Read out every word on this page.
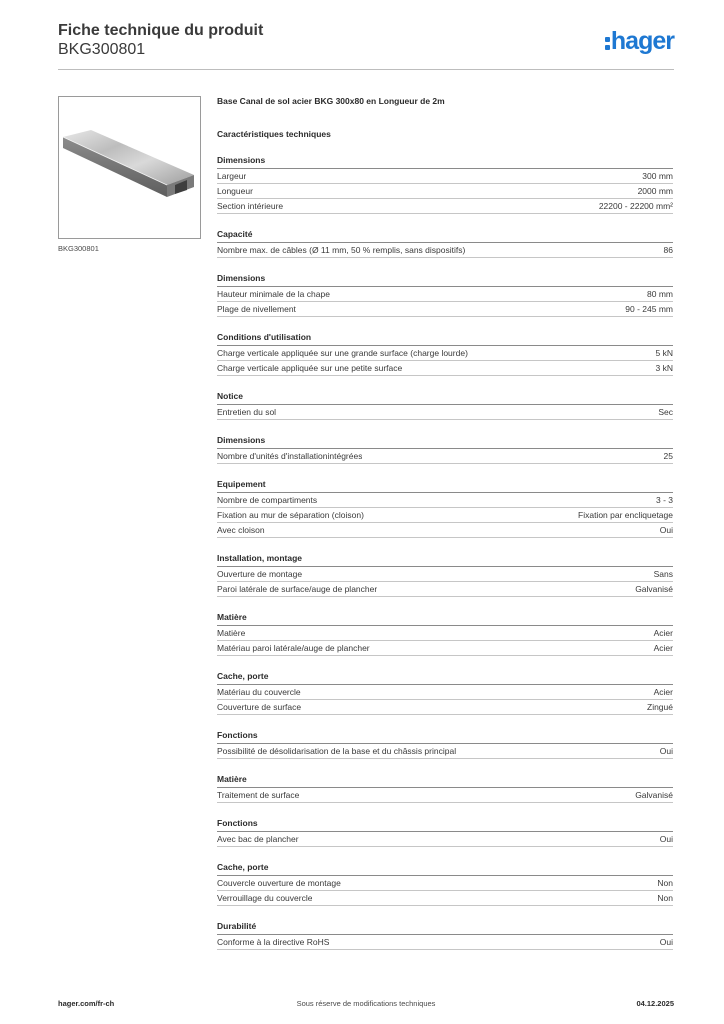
Fiche technique du produit
BKG300801	hager
BKG300801
Base Canal de sol acier BKG 300x80 en Longueur de 2m
Caractéristiques techniques
Dimensions
Largeur	300 mm
Longueur	2000 mm
Section intérieure	22200 - 22200 mm²
Capacité
Nombre max. de câbles (Ø 11 mm, 50 % remplis, sans dispositifs)	86
Dimensions
Hauteur minimale de la chape	80 mm
Plage de nivellement	90 - 245 mm
Conditions d'utilisation
Charge verticale appliquée sur une grande surface (charge lourde)	5 kN
Charge verticale appliquée sur une petite surface	3 kN
Notice
Entretien du sol	Sec
Dimensions
Nombre d'unités d'installationintégrées	25
Equipement
Nombre de compartiments	3 - 3
Fixation au mur de séparation (cloison)	Fixation par encliquetage
Avec cloison	Oui
Installation, montage
Ouverture de montage	Sans
Paroi latérale de surface/auge de plancher	Galvanisé
Matière
Matière	Acier
Matériau paroi latérale/auge de plancher	Acier
Cache, porte
Matériau du couvercle	Acier
Couverture de surface	Zingué
Fonctions
Possibilité de désolidarisation de la base et du châssis principal	Oui
Matière
Traitement de surface	Galvanisé
Fonctions
Avec bac de plancher	Oui
Cache, porte
Couvercle ouverture de montage	Non
Verrouillage du couvercle	Non
Durabilité
Conforme à la directive RoHS	Oui
hager.com/fr-ch	Sous réserve de modifications techniques	04.12.2025
